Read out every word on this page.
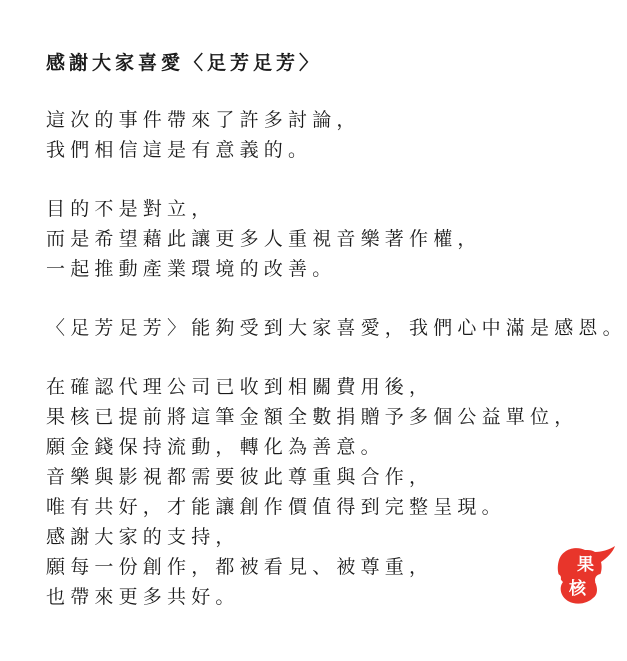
感謝大家喜愛〈足芳足芳〉
這次的事件帶來了許多討論，
我們相信這是有意義的。
目的不是對立，
而是希望藉此讓更多人重視音樂著作權，
一起推動產業環境的改善。
〈足芳足芳〉能夠受到大家喜愛，我們心中滿是感恩。
在確認代理公司已收到相關費用後，
果核已提前將這筆金額全數捐贈予多個公益單位，
願金錢保持流動，轉化為善意。
音樂與影視都需要彼此尊重與合作，
唯有共好，才能讓創作價值得到完整呈現。
感謝大家的支持，
願每一份創作，都被看見、被尊重，
也帶來更多共好。
果
核
